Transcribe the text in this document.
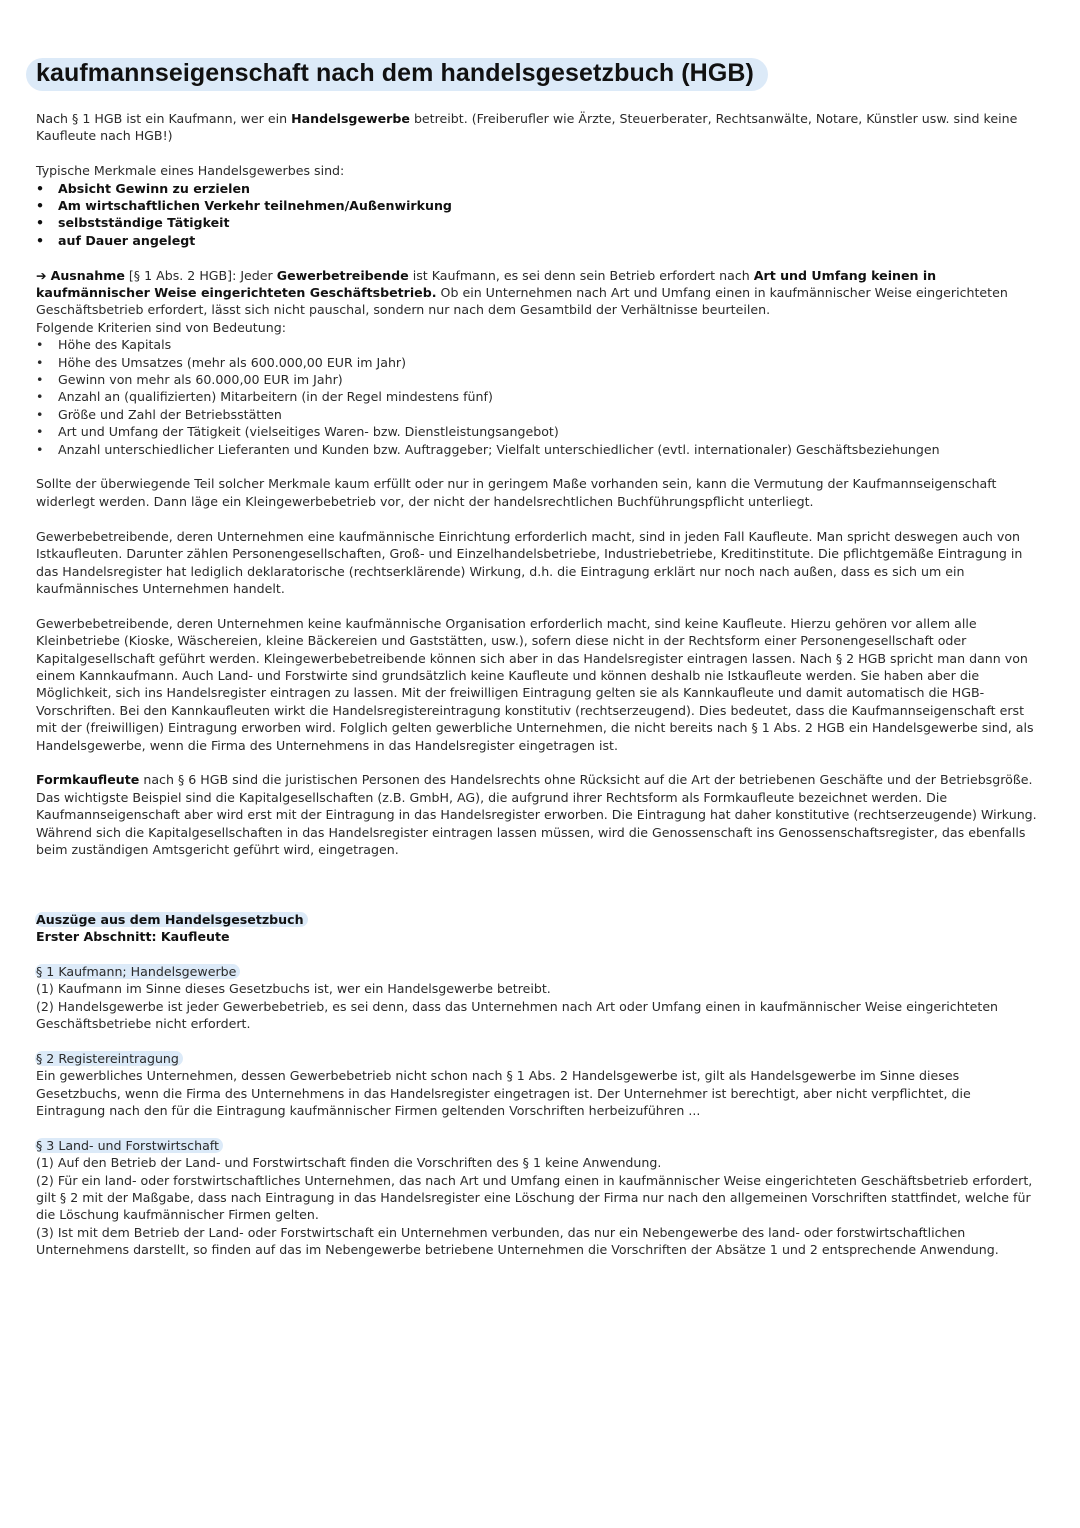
kaufmannseigenschaft nach dem handelsgesetzbuch (HGB)

Nach § 1 HGB ist ein Kaufmann, wer ein Handelsgewerbe betreibt. (Freiberufler wie Ärzte, Steuerberater, Rechtsanwälte, Notare, Künstler usw. sind keine Kaufleute nach HGB!)

Typische Merkmale eines Handelsgewerbes sind:

• Absicht Gewinn zu erzielen
• Am wirtschaftlichen Verkehr teilnehmen/Außenwirkung
• selbstständige Tätigkeit
• auf Dauer angelegt

➔ Ausnahme [§ 1 Abs. 2 HGB]: Jeder Gewerbetreibende ist Kaufmann, es sei denn sein Betrieb erfordert nach Art und Umfang keinen in kaufmännischer Weise eingerichteten Geschäftsbetrieb. Ob ein Unternehmen nach Art und Umfang einen in kaufmännischer Weise eingerichteten Geschäftsbetrieb erfordert, lässt sich nicht pauschal, sondern nur nach dem Gesamtbild der Verhältnisse beurteilen.

Folgende Kriterien sind von Bedeutung:

• Höhe des Kapitals
• Höhe des Umsatzes (mehr als 600.000,00 EUR im Jahr)
• Gewinn von mehr als 60.000,00 EUR im Jahr)
• Anzahl an (qualifizierten) Mitarbeitern (in der Regel mindestens fünf)
• Größe und Zahl der Betriebsstätten
• Art und Umfang der Tätigkeit (vielseitiges Waren- bzw. Dienstleistungsangebot)
• Anzahl unterschiedlicher Lieferanten und Kunden bzw. Auftraggeber; Vielfalt unterschiedlicher (evtl. internationaler) Geschäftsbeziehungen

Sollte der überwiegende Teil solcher Merkmale kaum erfüllt oder nur in geringem Maße vorhanden sein, kann die Vermutung der Kaufmannseigenschaft widerlegt werden. Dann läge ein Kleingewerbebetrieb vor, der nicht der handelsrechtlichen Buchführungspflicht unterliegt.

Gewerbebetreibende, deren Unternehmen eine kaufmännische Einrichtung erforderlich macht, sind in jeden Fall Kaufleute. Man spricht deswegen auch von Istkaufleuten. Darunter zählen Personengesellschaften, Groß- und Einzelhandelsbetriebe, Industriebetriebe, Kreditinstitute. Die pflichtgemäße Eintragung in das Handelsregister hat lediglich deklaratorische (rechtserklärende) Wirkung, d.h. die Eintragung erklärt nur noch nach außen, dass es sich um ein kaufmännisches Unternehmen handelt.

Gewerbebetreibende, deren Unternehmen keine kaufmännische Organisation erforderlich macht, sind keine Kaufleute. Hierzu gehören vor allem alle Kleinbetriebe (Kioske, Wäschereien, kleine Bäckereien und Gaststätten, usw.), sofern diese nicht in der Rechtsform einer Personengesellschaft oder Kapitalgesellschaft geführt werden. Kleingewerbebetreibende können sich aber in das Handelsregister eintragen lassen. Nach § 2 HGB spricht man dann von einem Kannkaufmann. Auch Land- und Forstwirte sind grundsätzlich keine Kaufleute und können deshalb nie Istkaufleute werden. Sie haben aber die Möglichkeit, sich ins Handelsregister eintragen zu lassen. Mit der freiwilligen Eintragung gelten sie als Kannkaufleute und damit automatisch die HGB-Vorschriften. Bei den Kannkaufleuten wirkt die Handelsregistereintragung konstitutiv (rechtserzeugend). Dies bedeutet, dass die Kaufmannseigenschaft erst mit der (freiwilligen) Eintragung erworben wird. Folglich gelten gewerbliche Unternehmen, die nicht bereits nach § 1 Abs. 2 HGB ein Handelsgewerbe sind, als Handelsgewerbe, wenn die Firma des Unternehmens in das Handelsregister eingetragen ist.

Formkaufleute nach § 6 HGB sind die juristischen Personen des Handelsrechts ohne Rücksicht auf die Art der betriebenen Geschäfte und der Betriebsgröße. Das wichtigste Beispiel sind die Kapitalgesellschaften (z.B. GmbH, AG), die aufgrund ihrer Rechtsform als Formkaufleute bezeichnet werden. Die Kaufmannseigenschaft aber wird erst mit der Eintragung in das Handelsregister erworben. Die Eintragung hat daher konstitutive (rechtserzeugende) Wirkung. Während sich die Kapitalgesellschaften in das Handelsregister eintragen lassen müssen, wird die Genossenschaft ins Genossenschaftsregister, das ebenfalls beim zuständigen Amtsgericht geführt wird, eingetragen.

Auszüge aus dem Handelsgesetzbuch

Erster Abschnitt: Kaufleute

§ 1 Kaufmann; Handelsgewerbe

(1) Kaufmann im Sinne dieses Gesetzbuchs ist, wer ein Handelsgewerbe betreibt.

(2) Handelsgewerbe ist jeder Gewerbebetrieb, es sei denn, dass das Unternehmen nach Art oder Umfang einen in kaufmännischer Weise eingerichteten Geschäftsbetriebe nicht erfordert.

§ 2 Registereintragung

Ein gewerbliches Unternehmen, dessen Gewerbebetrieb nicht schon nach § 1 Abs. 2 Handelsgewerbe ist, gilt als Handelsgewerbe im Sinne dieses Gesetzbuchs, wenn die Firma des Unternehmens in das Handelsregister eingetragen ist. Der Unternehmer ist berechtigt, aber nicht verpflichtet, die Eintragung nach den für die Eintragung kaufmännischer Firmen geltenden Vorschriften herbeizuführen ...

§ 3 Land- und Forstwirtschaft

(1) Auf den Betrieb der Land- und Forstwirtschaft finden die Vorschriften des § 1 keine Anwendung.

(2) Für ein land- oder forstwirtschaftliches Unternehmen, das nach Art und Umfang einen in kaufmännischer Weise eingerichteten Geschäftsbetrieb erfordert, gilt § 2 mit der Maßgabe, dass nach Eintragung in das Handelsregister eine Löschung der Firma nur nach den allgemeinen Vorschriften stattfindet, welche für die Löschung kaufmännischer Firmen gelten.

(3) Ist mit dem Betrieb der Land- oder Forstwirtschaft ein Unternehmen verbunden, das nur ein Nebengewerbe des land- oder forstwirtschaftlichen Unternehmens darstellt, so finden auf das im Nebengewerbe betriebene Unternehmen die Vorschriften der Absätze 1 und 2 entsprechende Anwendung.
